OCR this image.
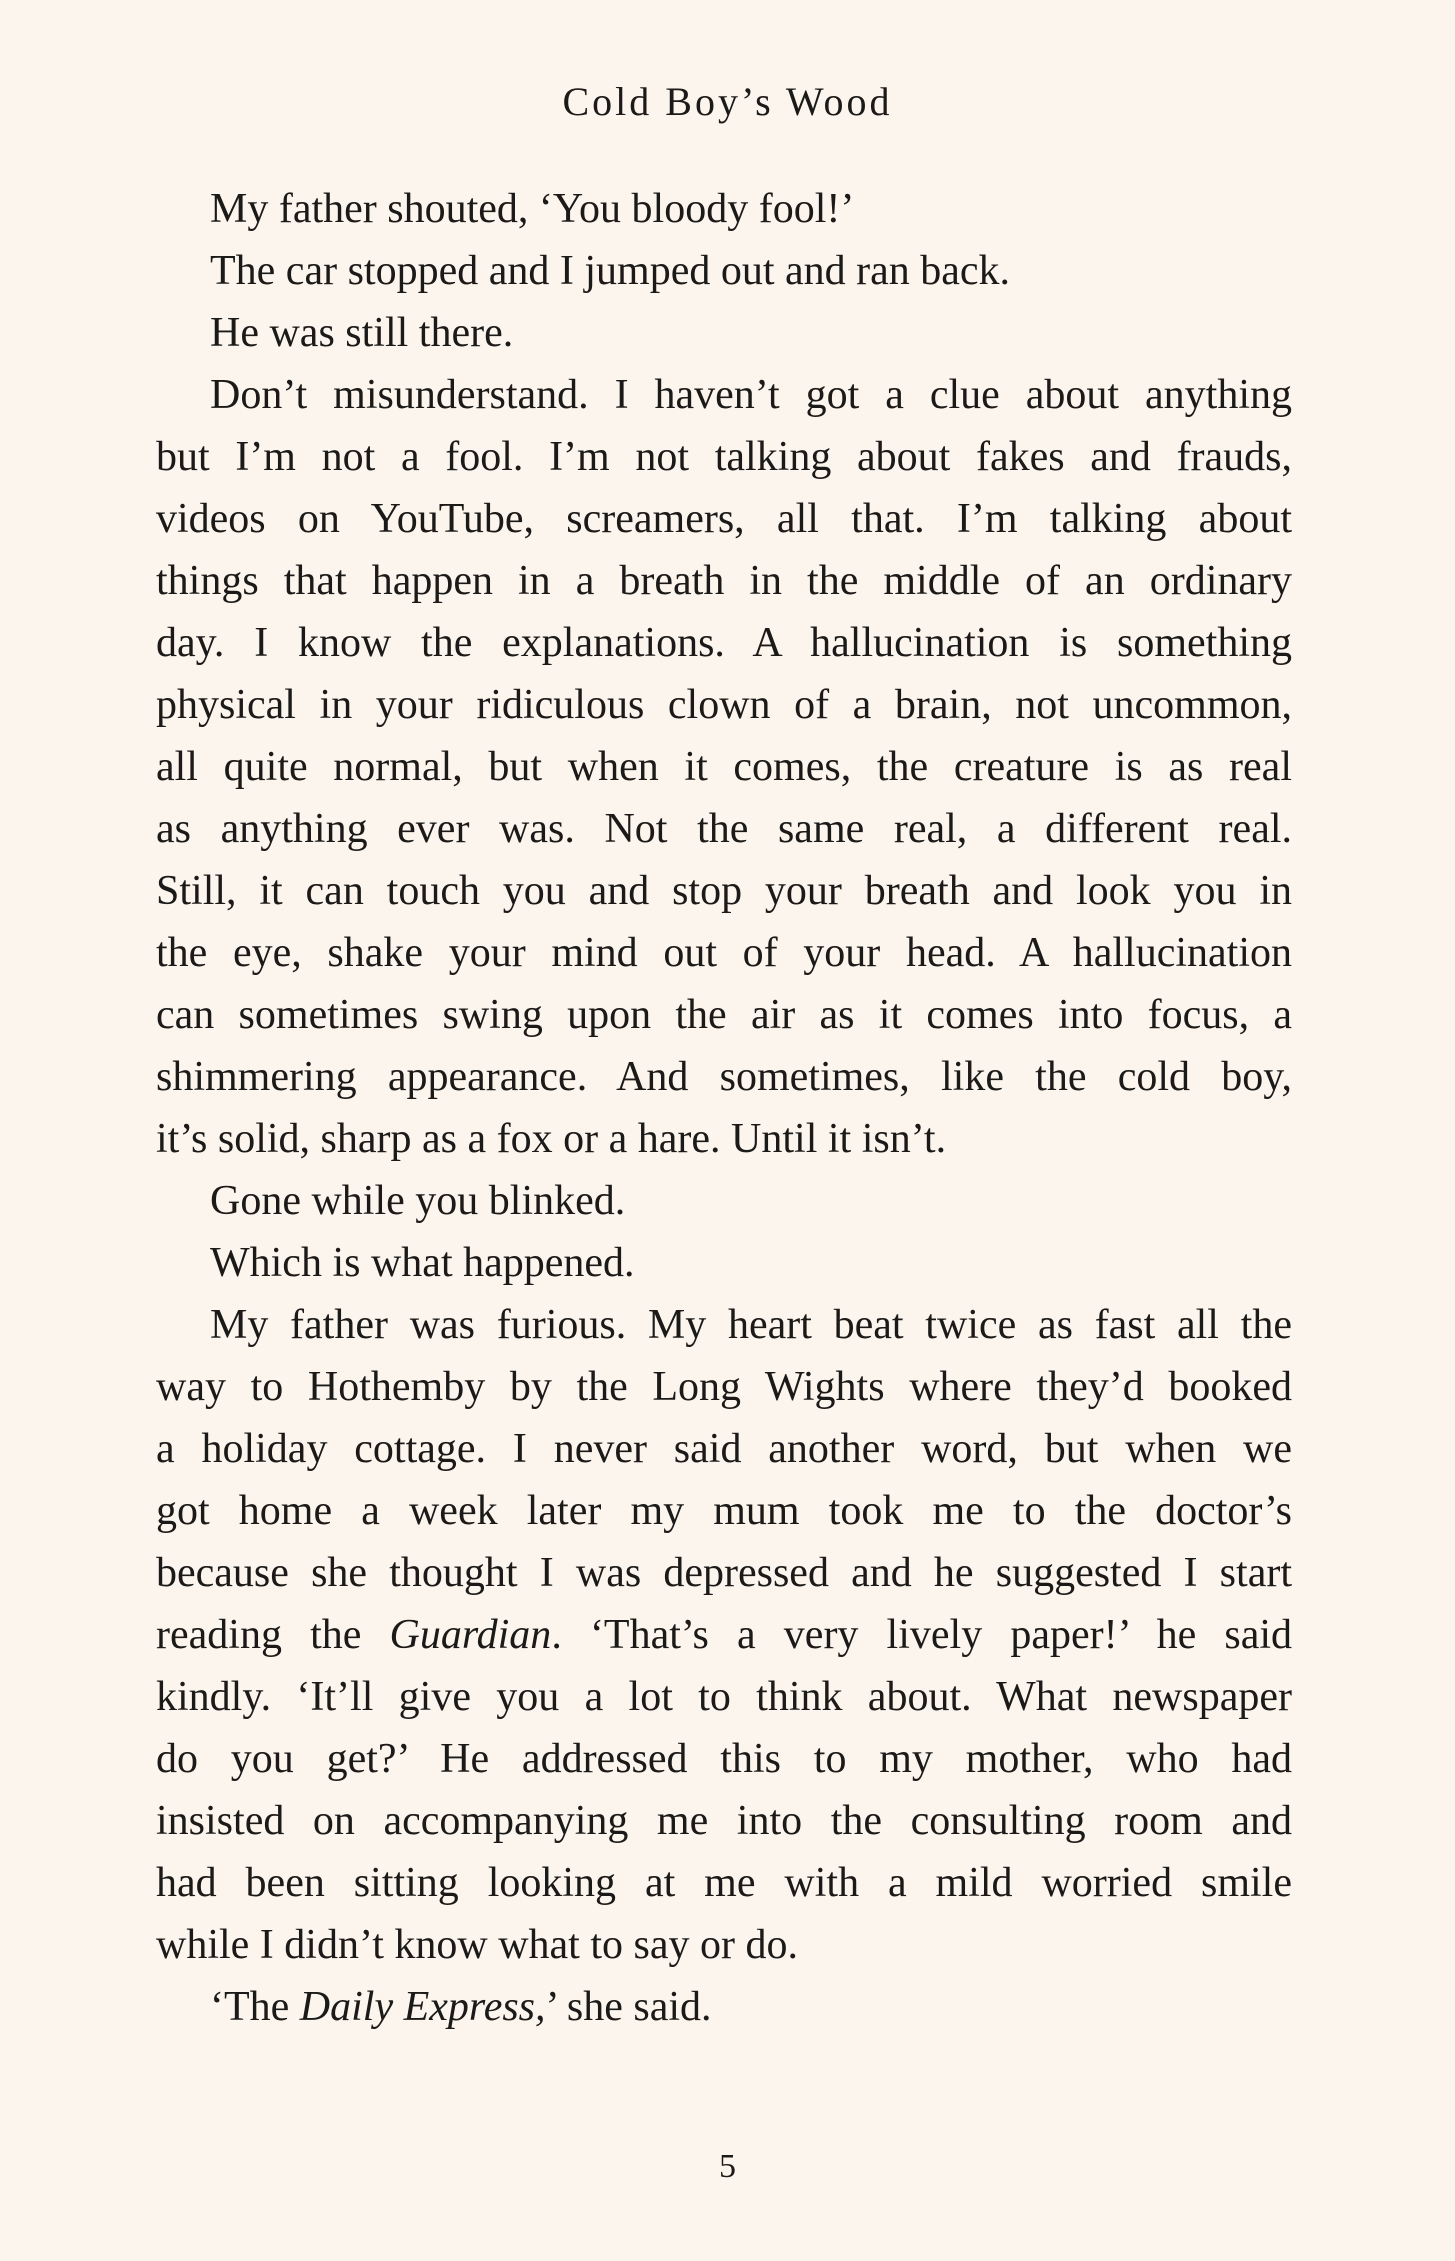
Cold Boy’s Wood
My father shouted, ‘You bloody fool!’
The car stopped and I jumped out and ran back.
He was still there.
Don’t misunderstand. I haven’t got a clue about anything
but I’m not a fool. I’m not talking about fakes and frauds,
videos on YouTube, screamers, all that. I’m talking about
things that happen in a breath in the middle of an ordinary
day. I know the explanations. A hallucination is something
physical in your ridiculous clown of a brain, not uncommon,
all quite normal, but when it comes, the creature is as real
as anything ever was. Not the same real, a different real.
Still, it can touch you and stop your breath and look you in
the eye, shake your mind out of your head. A hallucination
can sometimes swing upon the air as it comes into focus, a
shimmering appearance. And sometimes, like the cold boy,
it’s solid, sharp as a fox or a hare. Until it isn’t.
Gone while you blinked.
Which is what happened.
My father was furious. My heart beat twice as fast all the
way to Hothemby by the Long Wights where they’d booked
a holiday cottage. I never said another word, but when we
got home a week later my mum took me to the doctor’s
because she thought I was depressed and he suggested I start
reading the Guardian. ‘That’s a very lively paper!’ he said
kindly. ‘It’ll give you a lot to think about. What newspaper
do you get?’ He addressed this to my mother, who had
insisted on accompanying me into the consulting room and
had been sitting looking at me with a mild worried smile
while I didn’t know what to say or do.
‘The Daily Express,’ she said.
5
